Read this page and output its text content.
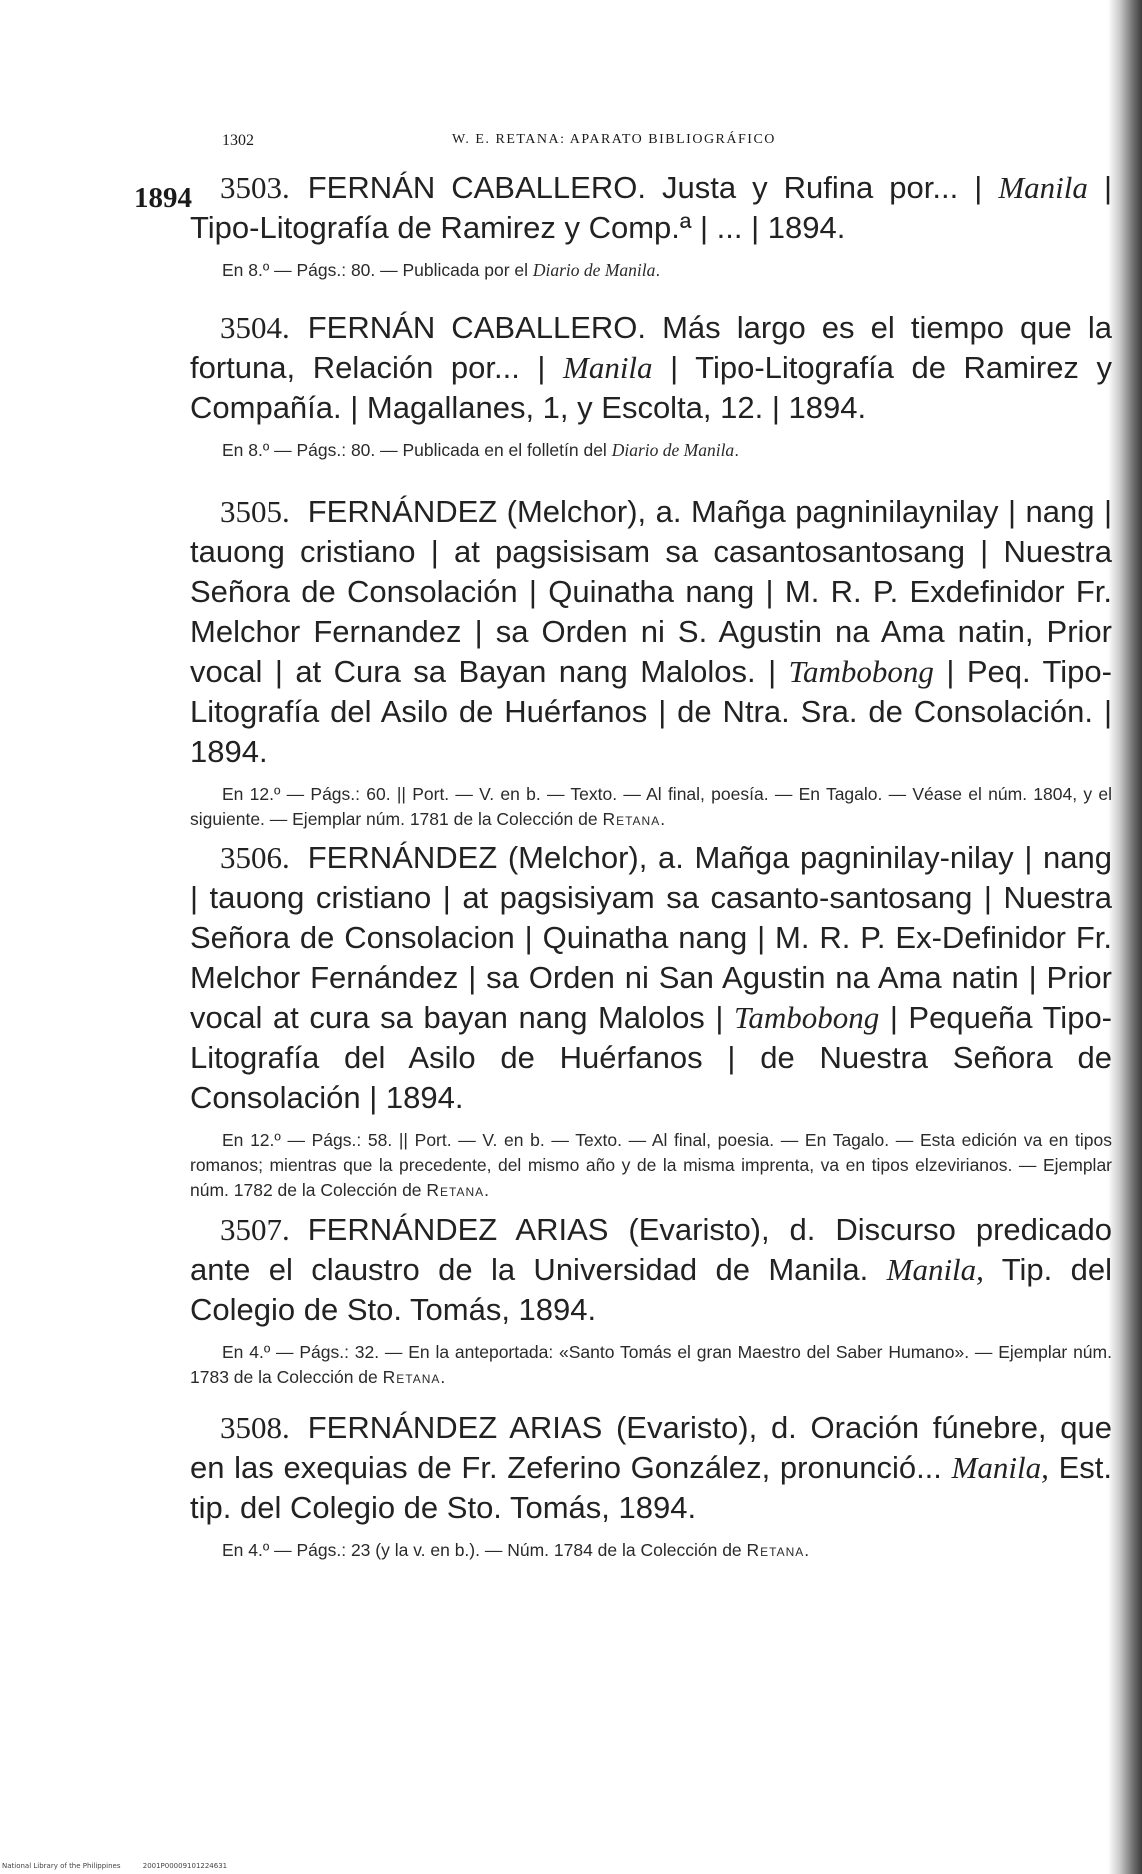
1302	W. E. RETANA: APARATO BIBLIOGRÁFICO
1894 3503. FERNÁN CABALLERO. Justa y Rufina por... | Manila | Tipo-Litografía de Ramirez y Comp.ª | ... | 1894.
En 8.º — Págs.: 80. — Publicada por el Diario de Manila.
3504. FERNÁN CABALLERO. Más largo es el tiempo que la fortuna, Relación por... | Manila | Tipo-Litografía de Ramirez y Compañía. | Magallanes, 1, y Escolta, 12. | 1894.
En 8.º — Págs.: 80. — Publicada en el folletín del Diario de Manila.
3505. FERNÁNDEZ (Melchor), a. Mañga pagninilaynilay | nang | tauong cristiano | at pagsisisam sa casantosantosang | Nuestra Señora de Consolación | Quinatha nang | M. R. P. Exdefinidor Fr. Melchor Fernandez | sa Orden ni S. Agustin na Ama natin, Prior vocal | at Cura sa Bayan nang Malolos. | Tambobong | Peq. Tipo-Litografía del Asilo de Huérfanos | de Ntra. Sra. de Consolación. | 1894.
En 12.º — Págs.: 60. || Port. — V. en b. — Texto. — Al final, poesía. — En Tagalo. — Véase el núm. 1804, y el siguiente. — Ejemplar núm. 1781 de la Colección de Retana.
3506. FERNÁNDEZ (Melchor), a. Mañga pagninilay-nilay | nang | tauong cristiano | at pagsisiyam sa casanto-santosang | Nuestra Señora de Consolacion | Quinatha nang | M. R. P. Ex-Definidor Fr. Melchor Fernández | sa Orden ni San Agustin na Ama natin | Prior vocal at cura sa bayan nang Malolos | Tambobong | Pequeña Tipo-Litografía del Asilo de Huérfanos | de Nuestra Señora de Consolación | 1894.
En 12.º — Págs.: 58. || Port. — V. en b. — Texto. — Al final, poesia. — En Tagalo. — Esta edición va en tipos romanos; mientras que la precedente, del mismo año y de la misma imprenta, va en tipos elzevirianos. — Ejemplar núm. 1782 de la Colección de Retana.
3507. FERNÁNDEZ ARIAS (Evaristo), d. Discurso predicado ante el claustro de la Universidad de Manila. Manila, Tip. del Colegio de Sto. Tomás, 1894.
En 4.º — Págs.: 32. — En la anteportada: «Santo Tomás el gran Maestro del Saber Humano». — Ejemplar núm. 1783 de la Colección de Retana.
3508. FERNÁNDEZ ARIAS (Evaristo), d. Oración fúnebre, que en las exequias de Fr. Zeferino González, pronunció... Manila, Est. tip. del Colegio de Sto. Tomás, 1894.
En 4.º — Págs.: 23 (y la v. en b.). — Núm. 1784 de la Colección de Retana.
National Library of the Philippines	2001P00009101224631
